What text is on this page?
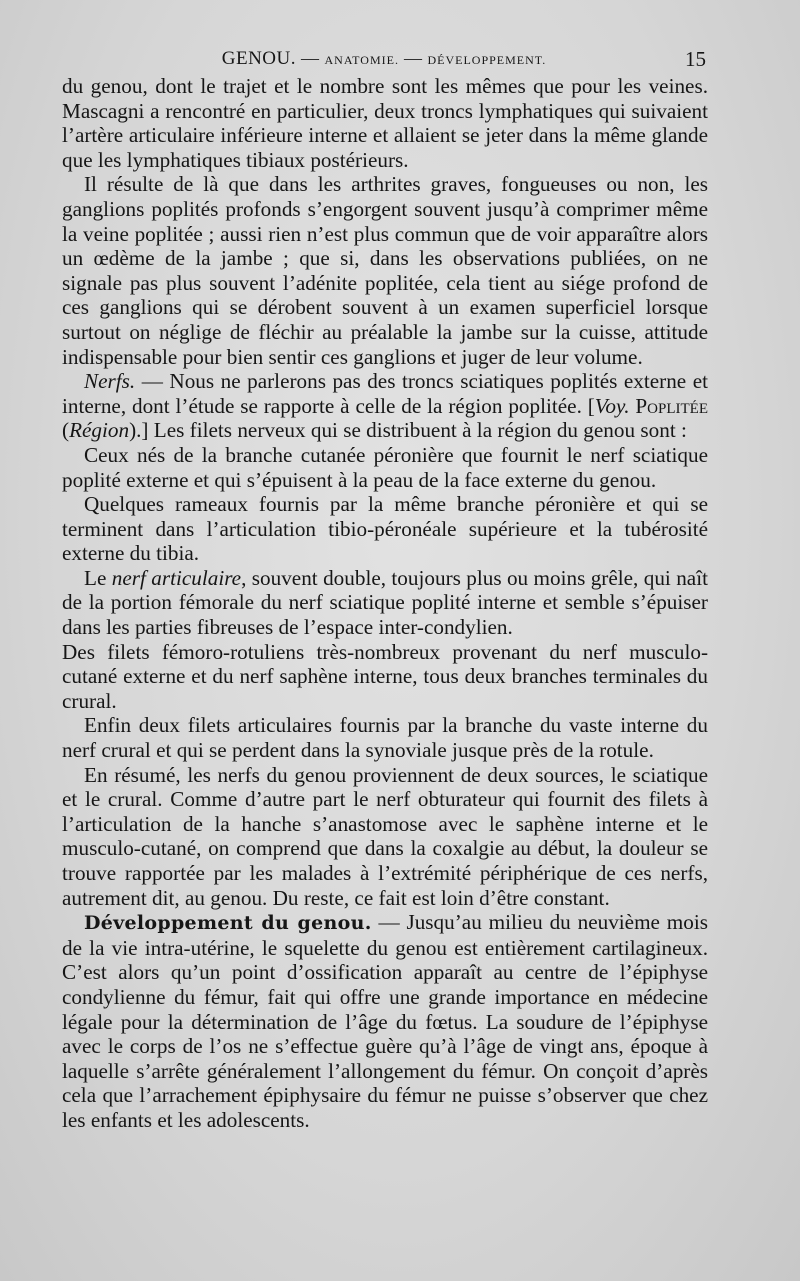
GENOU. — ANATOMIE. — DÉVELOPPEMENT.	15

du genou, dont le trajet et le nombre sont les mêmes que pour les veines. Mascagni a rencontré en particulier, deux troncs lymphatiques qui suivaient l’artère articulaire inférieure interne et allaient se jeter dans la même glande que les lymphatiques tibiaux postérieurs.

Il résulte de là que dans les arthrites graves, fongueuses ou non, les ganglions poplités profonds s’engorgent souvent jusqu’à comprimer même la veine poplitée ; aussi rien n’est plus commun que de voir apparaître alors un œdème de la jambe ; que si, dans les observations publiées, on ne signale pas plus souvent l’adénite poplitée, cela tient au siége profond de ces ganglions qui se dérobent souvent à un examen superficiel lorsque surtout on néglige de fléchir au préalable la jambe sur la cuisse, attitude indispensable pour bien sentir ces ganglions et juger de leur volume.

Nerfs. — Nous ne parlerons pas des troncs sciatiques poplités externe et interne, dont l’étude se rapporte à celle de la région poplitée. [Voy. Poplitée (Région).] Les filets nerveux qui se distribuent à la région du genou sont :

Ceux nés de la branche cutanée péronière que fournit le nerf sciatique poplité externe et qui s’épuisent à la peau de la face externe du genou.

Quelques rameaux fournis par la même branche péronière et qui se terminent dans l’articulation tibio-péronéale supérieure et la tubérosité externe du tibia.

Le nerf articulaire, souvent double, toujours plus ou moins grêle, qui naît de la portion fémorale du nerf sciatique poplité interne et semble s’épuiser dans les parties fibreuses de l’espace inter-condylien.

Des filets fémoro-rotuliens très-nombreux provenant du nerf musculo-cutané externe et du nerf saphène interne, tous deux branches terminales du crural.

Enfin deux filets articulaires fournis par la branche du vaste interne du nerf crural et qui se perdent dans la synoviale jusque près de la rotule.

En résumé, les nerfs du genou proviennent de deux sources, le sciatique et le crural. Comme d’autre part le nerf obturateur qui fournit des filets à l’articulation de la hanche s’anastomose avec le saphène interne et le musculo-cutané, on comprend que dans la coxalgie au début, la douleur se trouve rapportée par les malades à l’extrémité périphérique de ces nerfs, autrement dit, au genou. Du reste, ce fait est loin d’être constant.

Développement du genou. — Jusqu’au milieu du neuvième mois de la vie intra-utérine, le squelette du genou est entièrement cartilagineux. C’est alors qu’un point d’ossification apparaît au centre de l’épiphyse condylienne du fémur, fait qui offre une grande importance en médecine légale pour la détermination de l’âge du fœtus. La soudure de l’épiphyse avec le corps de l’os ne s’effectue guère qu’à l’âge de vingt ans, époque à laquelle s’arrête généralement l’allongement du fémur. On conçoit d’après cela que l’arrachement épiphysaire du fémur ne puisse s’observer que chez les enfants et les adolescents.
